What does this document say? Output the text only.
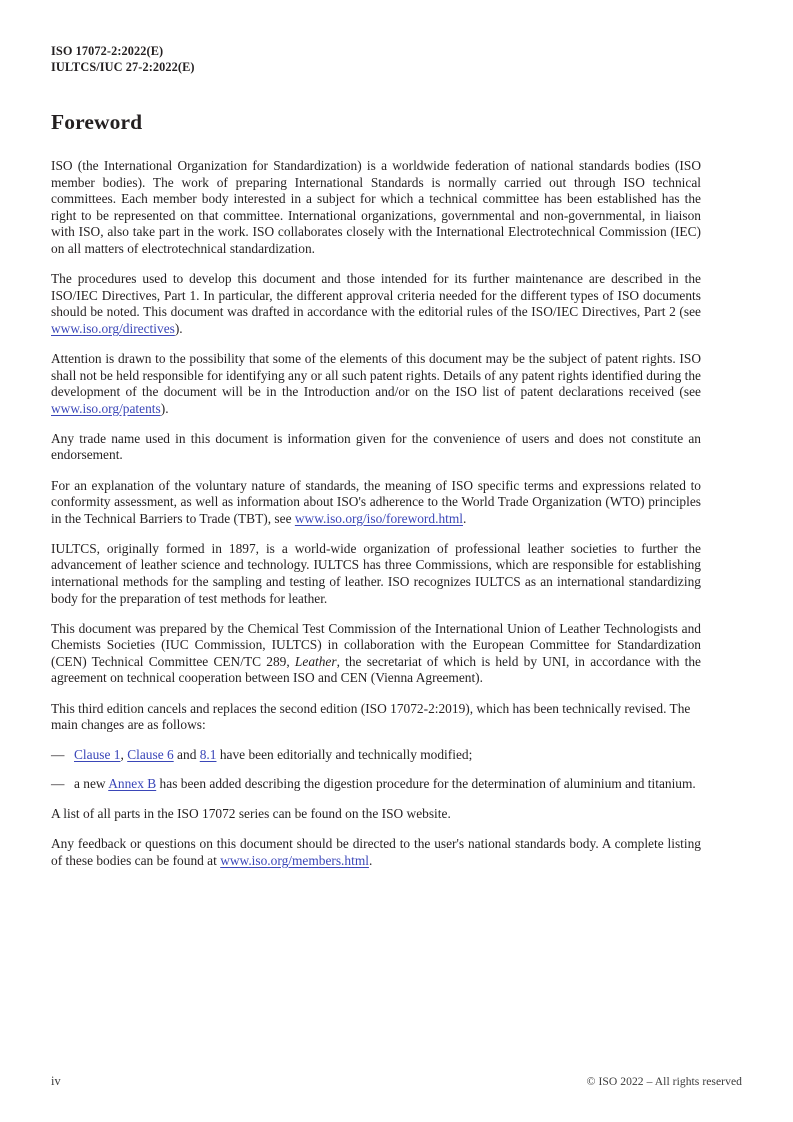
ISO 17072-2:2022(E)
IULTCS/IUC 27-2:2022(E)
Foreword

ISO (the International Organization for Standardization) is a worldwide federation of national standards bodies (ISO member bodies). The work of preparing International Standards is normally carried out through ISO technical committees. Each member body interested in a subject for which a technical committee has been established has the right to be represented on that committee. International organizations, governmental and non-governmental, in liaison with ISO, also take part in the work. ISO collaborates closely with the International Electrotechnical Commission (IEC) on all matters of electrotechnical standardization.

The procedures used to develop this document and those intended for its further maintenance are described in the ISO/IEC Directives, Part 1. In particular, the different approval criteria needed for the different types of ISO documents should be noted. This document was drafted in accordance with the editorial rules of the ISO/IEC Directives, Part 2 (see www.iso.org/directives).

Attention is drawn to the possibility that some of the elements of this document may be the subject of patent rights. ISO shall not be held responsible for identifying any or all such patent rights. Details of any patent rights identified during the development of the document will be in the Introduction and/or on the ISO list of patent declarations received (see www.iso.org/patents).

Any trade name used in this document is information given for the convenience of users and does not constitute an endorsement.

For an explanation of the voluntary nature of standards, the meaning of ISO specific terms and expressions related to conformity assessment, as well as information about ISO's adherence to the World Trade Organization (WTO) principles in the Technical Barriers to Trade (TBT), see www.iso.org/iso/foreword.html.

IULTCS, originally formed in 1897, is a world-wide organization of professional leather societies to further the advancement of leather science and technology. IULTCS has three Commissions, which are responsible for establishing international methods for the sampling and testing of leather. ISO recognizes IULTCS as an international standardizing body for the preparation of test methods for leather.

This document was prepared by the Chemical Test Commission of the International Union of Leather Technologists and Chemists Societies (IUC Commission, IULTCS) in collaboration with the European Committee for Standardization (CEN) Technical Committee CEN/TC 289, Leather, the secretariat of which is held by UNI, in accordance with the agreement on technical cooperation between ISO and CEN (Vienna Agreement).

This third edition cancels and replaces the second edition (ISO 17072-2:2019), which has been technically revised. The main changes are as follows:

— Clause 1, Clause 6 and 8.1 have been editorially and technically modified;
— a new Annex B has been added describing the digestion procedure for the determination of aluminium and titanium.

A list of all parts in the ISO 17072 series can be found on the ISO website.

Any feedback or questions on this document should be directed to the user's national standards body. A complete listing of these bodies can be found at www.iso.org/members.html.

iv	© ISO 2022 – All rights reserved
